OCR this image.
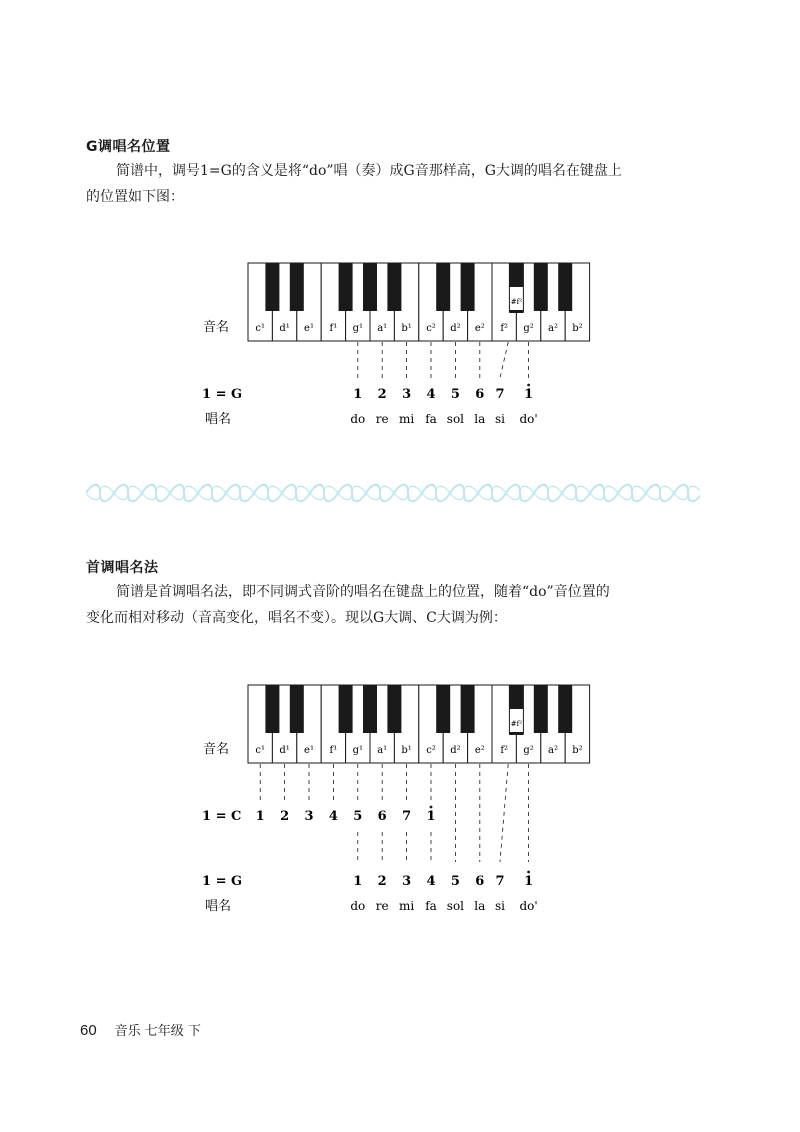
G调唱名位置
简谱中，调号1=G的含义是将“do”唱（奏）成G音那样高，G大调的唱名在键盘上
的位置如下图：
#f²
c¹ d¹ e¹ f¹ g¹ a¹ b¹ c² d² e² f² g² a² b²
音名
1 = G	1 2 3 4 5 6 7 1
唱名	do re mi fa sol la si do'
首调唱名法
简谱是首调唱名法，即不同调式音阶的唱名在键盘上的位置，随着“do”音位置的
变化而相对移动（音高变化，唱名不变）。现以G大调、C大调为例：
#f²
c¹ d¹ e¹ f¹ g¹ a¹ b¹ c² d² e² f² g² a² b²
音名
1 = C 1 2 3 4 5 6 7 1
1 = G	1 2 3 4 5 6 7 1
唱名	do re mi fa sol la si do'
60 音乐 七年级 下
